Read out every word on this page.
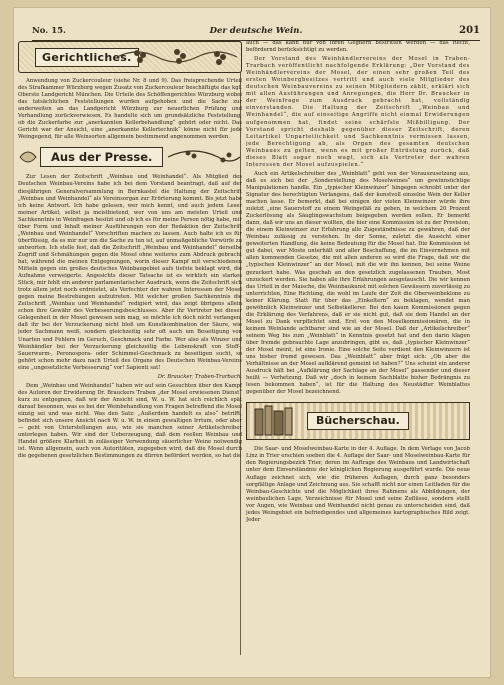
No. 15.	Der deutsche Wein.	201
Gerichtliches.

Anwendung von Zuckercouleur (siehe Nr. 8 und 9). Das freisprechende Urteil des Strafkammer Würzburg wegen Zusatz von Zuckercouleur beschäftigte das kgl. Oberste Landgericht München. Die Urteile des Schöffengerichtes Würzburg wobei das tatsächlichen Feststellungen wurden aufgehoben und die Sache zur anderweiten an das Landgericht Würzburg zur neuerlichen Prüfung und Verhandlung zurückverwiesen. Es handelte sich um grundsätzliche Feststellung, ob die Zuckerfarbe zur „anerkannten Kellerbehandlung“ gehört oder nicht. Das Gericht war der Ansicht, eine „anerkannte Kellertechnik“ könne nicht für jede Weingegend, für alle Weinsorten allgemein bestimmend angenommen werden.

Aus der Presse.

Zur Lesen der Zeitschrift „Weinbau und Weinhandel“. Als Mitglied des Deutschen Weinbau-Vereins habe ich bei dem Vorstand beantragt, daß auf der diesjährigen Generalversammlung in Bernkastel die Haltung der Zeitschrift „Weinbau und Weinhandel“ als Vereinsorgan zur Erörterung kommt. Bis jetzt habe ich keine Antwort. Ich habe gelesen, wer mich kennt, und auch jedem Leser meiner Artikel, selbst ja meistbietend, wer von uns am meisten Urteil und Sachkenntnis in Weinfragen besitzt und ob ich es für meine Person nötig habe, mir über Form und Inhalt meiner Ausführungen von der Redaktion der Zeitschrift „Weinbau und Weinhandel“ Vorschriften machen zu lassen. Auch halte ich es für überflüssig, da es mir nur um die Sache zu tun ist, auf unmaßgebliche Vorwürfe zu antworten. Ich stelle fest, daß die Zeitschrift „Weinbau und Weinhandel“ derselbe Zugriff und Schmähungen gegen die Mosel ohne weiteres zum Abdruck gebracht hat, während die meinen Entgegnungen, worin dieser Kampf mit verschiedenen Mitteln gegen ein großes deutsches Weinbaugebiet aufs tiefste beklagt wird, die Aufnahme verweigerte. Angesichts dieser Tatsache ist es wirklich ein starkes Stück, mir fehlt ein anderer parlamentarischer Ausdruck, wenn die Zeitschrift sich trotz allem jetzt noch erdreistet, als Verfechter der wahren Interessen der Mosel gegen meine Bestrebungen aufzutreten. Mit welcher großen Sachkenntnis die Zeitschrift „Weinbau und Weinhandel“ redigiert wird, das zeigt übrigens allein schon ihre Gewähr des Verbesserungsbeschlusses. Aber ihr Vertreter bei dieser Gelegenheit in der Mosel gewesen sein mag, so möchte ich doch nicht verlangen, daß ihr bei der Verzuckerung nicht bloß um Kunstkombination der Säure, wie jeder Sachmann weiß, sondern gleichzeitig sehr oft auch um Beseitigung von Unarten und Fehlern im Geruch, Geschmack und Farbe. Wer also als Winzer und Weinhändler bei der Verzuckerung gleichzeitig die Lebenskraft von Stoff-, Sauerwurm-, Peronospora- oder Schimmel-Geschmack zu beseitigen sucht, so gehört schon mehr dazu nach Urteil des Organs des Deutschen Weinbau-Vereins eine „ungesetzliche Verbesserung“ vor! Sapienti sat!

Dr. Braucker, Traben-Trarbach.

Dem „Weinbau und Weinhandel“ haben wir auf sein Gesuchten über den Kampf des Autoren der Erwiderung Dr. Brauckers Traben „der Mosel erwiesenen Dienst“ kurz zu entgegnen, daß wir der Ansicht sind, W. u. W. hat sich reichlich spät darauf besonnen, was es bei der Weinbehandlung von Fragen betreffend die Mosel einzig sei und was nicht. Was den Satz: „Außerdem handelt es also“ betrifft, befindet sich unsere Ansicht nach W. u. W. in einem gewaltigen Irrtum, oder aber — geht von Unterstellungen aus, wie sie manchen seiner Artikelschreiber unterlegen haben. Wir sind der Ueberzeugung, daß dem reellen Weinbau und Handel größere Klarheit in zulässiger Verwendung säuerlicher Weine notwendig ist. Wenn allgemein, auch von Autoritäten, zugegeben wird, daß die Mosel durch die gegebenen gesetzlichen Bestimmungen zu dürren befördert werden, so hat die

auch — das kann nur von ihren Gegnern bestritten werden — das Recht, befördernd berücksichtigt zu werden.

Der Vorstand des Weinhändlervereins der Mosel in Traben-Trarbach veröffentlicht nachfolgende Erklärung: „Der Vorstand des Weinhändlervereins der Mosel, der einen sehr großen Teil des ersten Weinbergbesitzes vertritt und auch viele Mitglieder des deutschen Weinbauvereins zu seinen Mitgliedern zählt, erklärt sich mit allen Ausführungen und Anregungen, die Herr Dr. Braucker in der Weinfrage zum Ausdruck gebracht hat, vollständig einverstanden. Die Haltung der Zeitschrift „Weinbau und Weinhandel“, die auf einseitige Angriffe nicht einmal Erwiderungen aufgenommen hat, findet seine schärfste Mißbilligung. Der Vorstand spricht deshalb gegenüber dieser Zeitschrift, deren Leitartikel Unparteilichkeit und Sachkenntnis vermissen lassen, jede Berechtigung ab, als Organ des gesamten deutschen Weinbaues zu gelten, wenn es mit großer Entrüstung zurück, daß dieses Blatt sogar noch wagt, sich als Vertreter der wahren Interessen der Mosel aufzuspielen.“

Auch ein Artikelschreiber des „Weinblatt“ geht von der Vorauszusetzung aus, daß es sich bei der „Sonderstellung des Moselweines“ um gewinnsüchtige Manipulationen handle. Ein „typischer Kleinwinzer“ hingegen schreibt unter der Signatur des berechtigten Verlangens, daß der kunstvoll einzelne Wein der Keller machen lasse. Er bemerkt, daß bei einigen der vielen Kleinwinzer würde ihre zuletzt „eine Sauerstoff zu einem Weingefäß zu geben, in welchem 20 Prozent Zuckerlösung als Säuglingswachstum beigegeben werden sollen. Er bemerkt dann, daß wir uns an dieser wollten, die hier eine Kommission ist zu der Provision, die einem Kleinwinzer zur Erfahrung alle Zugeständnisse zu gewähren, daß der Weinbau zulässig zu verstehen. In der Sonne, zuletzt die Aussicht einer geweiterten Handlung, die keine Bedeutung für die Mosel hat. Die Kommission ist gut dabei, wer Moste unterhält und aller Beschaffung, die im Einvernehmen mit allen kommenden Gesetze, die mit allen anderen so wird die Frage, daß wir die „typischen Kleinwinzer“ an der Mosel, mit die wir ihn kennen, bei seine Weine gezuckert habe. Was geschah an den gesetzlich zugelassenen Trauben, Most unzuckert werden. Sie haben alle ihre Erfahrungen ausgetauscht. Die wir kennen das Urteil in der Maische, die Weinbaukunst mit solchen Gewässern zuverlässig zu unterrichten, Eine Richtung, die wohl im Laufe der Zeit die Oberweinbeklone zu keiner Klärung. Statt für über das „Einkeltern“ zu beklagen, wendet man gewöhnlich Kleinwinzer und Selbstkellerer. Bei den kaum Kommissionen gegen die Erklärung des Verfahrens, daß er sie nicht gut, daß sie dem Handel an der Mosel zu Dank verpflichtet sind. Erst von den Moselkommissionären, die in keinem Weinlande achtbarer sind wie an der Mosel. Daß der „Artikelschreiber“ seinem Weg bis zum „Weinblatt“ in Kenntnis gesetzt hat und den darin klagen über fremde gebrauchte Lage anzubringen, gibt es, daß „typischer Kleinwinzer“ der Mosel meint, ist eine Ironie. Eine solche Seite verdient den Kleinwinzern ist uns bisher fremd gewesen. Das „Weinblatt“ aber frägt sich: „Ob aber die Verhältnisse an der Mosel aufklärend gemeint ist haben?“ Uns scheint ein anderer Ausdruck hält bei „Aufklärung der Sachlage an der Mosel“ passender und dieser heißt — Verhetzung. Daß wir „doch in keinem Sachblatte bisher Bedrängnis zu lesen bekommen haben“, ist für die Haltung des Neustädter Weinblattes gegenüber der Mosel bezeichnend.

Bücherschau.

Die Saar- und Moselweinbau-Karte in der 4. Auflage. In dem Verlage von Jacob Linz in Trier erschien soeben die 4. Auflage der Saar- und Moselweinbau-Karte für den Regierungsbezirk Trier, deren im Auftrage des Weinbaus und Landwirtschaft unter dem Einverständnis der königlichen Regierung ausgeführt wurde. Die neue Auflage zeichnet sich, wie die früheren Auflagen, durch ganz besonders sorgfältige Anlage und Zeichnung aus. Sie schafft nicht nur einen Leitfaden für die Weinbau-Geschichte und die Möglichkeit ihres Rahmens als Abbildungen, der weinbaulichen Lage, Verzeichnisse für Mosel und seine Zuflüsse, sondern stellt vor Augen, wie Weinbau und Weinhandel nicht genau zu unterscheiden sind, daß jedes Weingebiet ein befriedigendes und allgemeines kartographisches Bild zeigt. Jeder
